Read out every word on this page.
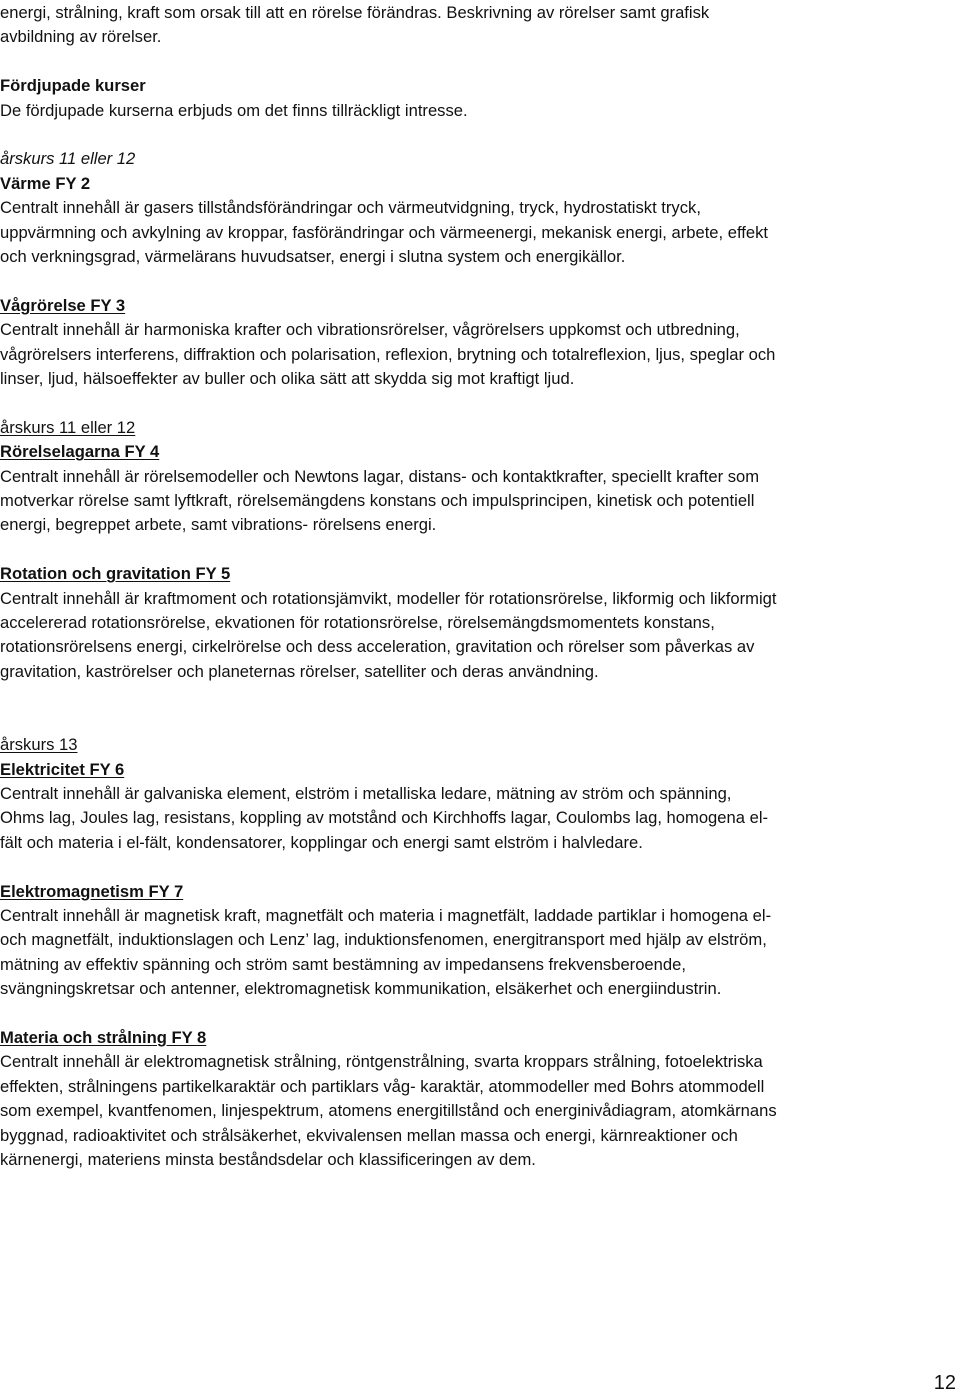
energi, strålning, kraft som orsak till att en rörelse förändras. Beskrivning av rörelser samt grafisk

avbildning av rörelser.

Fördjupade kurser

De fördjupade kurserna erbjuds om det finns tillräckligt intresse.

årskurs 11 eller 12

Värme FY 2

Centralt innehåll är gasers tillståndsförändringar och värmeutvidgning, tryck, hydrostatiskt tryck,

uppvärmning och avkylning av kroppar, fasförändringar och värmeenergi, mekanisk energi, arbete, effekt

och verkningsgrad, värmelärans huvudsatser, energi i slutna system och energikällor.

Vågrörelse FY 3

Centralt innehåll är harmoniska krafter och vibrationsrörelser, vågrörelsers uppkomst och utbredning,

vågrörelsers interferens, diffraktion och polarisation, reflexion, brytning och totalreflexion, ljus, speglar och

linser, ljud, hälsoeffekter av buller och olika sätt att skydda sig mot kraftigt ljud.

årskurs 11 eller 12

Rörelselagarna FY 4

Centralt innehåll är rörelsemodeller och Newtons lagar, distans- och kontaktkrafter, speciellt krafter som

motverkar rörelse samt lyftkraft, rörelsemängdens konstans och impulsprincipen, kinetisk och potentiell

energi, begreppet arbete, samt vibrations- rörelsens energi.

Rotation och gravitation FY 5

Centralt innehåll är kraftmoment och rotationsjämvikt, modeller för rotationsrörelse, likformig och likformigt

accelererad rotationsrörelse, ekvationen för rotationsrörelse, rörelsemängdsmomentets konstans,

rotationsrörelsens energi, cirkelrörelse och dess acceleration, gravitation och rörelser som påverkas av

gravitation, kaströrelser och planeternas rörelser, satelliter och deras användning.

årskurs 13

Elektricitet FY 6

Centralt innehåll är galvaniska element, elström i metalliska ledare, mätning av ström och spänning,

Ohms lag, Joules lag, resistans, koppling av motstånd och Kirchhoffs lagar, Coulombs lag, homogena el-

fält och materia i el-fält, kondensatorer, kopplingar och energi samt elström i halvledare.

Elektromagnetism FY 7

Centralt innehåll är magnetisk kraft, magnetfält och materia i magnetfält, laddade partiklar i homogena el-

och magnetfält, induktionslagen och Lenz’ lag, induktionsfenomen, energitransport med hjälp av elström,

mätning av effektiv spänning och ström samt bestämning av impedansens frekvensberoende,

svängningskretsar och antenner, elektromagnetisk kommunikation, elsäkerhet och energiindustrin.

Materia och strålning FY 8

Centralt innehåll är elektromagnetisk strålning, röntgenstrålning, svarta kroppars strålning, fotoelektriska

effekten, strålningens partikelkaraktär och partiklars våg- karaktär, atommodeller med Bohrs atommodell

som exempel, kvantfenomen, linjespektrum, atomens energitillstånd och energinivådiagram, atomkärnans

byggnad, radioaktivitet och strålsäkerhet, ekvivalensen mellan massa och energi, kärnreaktioner och

kärnenergi, materiens minsta beståndsdelar och klassificeringen av dem.

12
